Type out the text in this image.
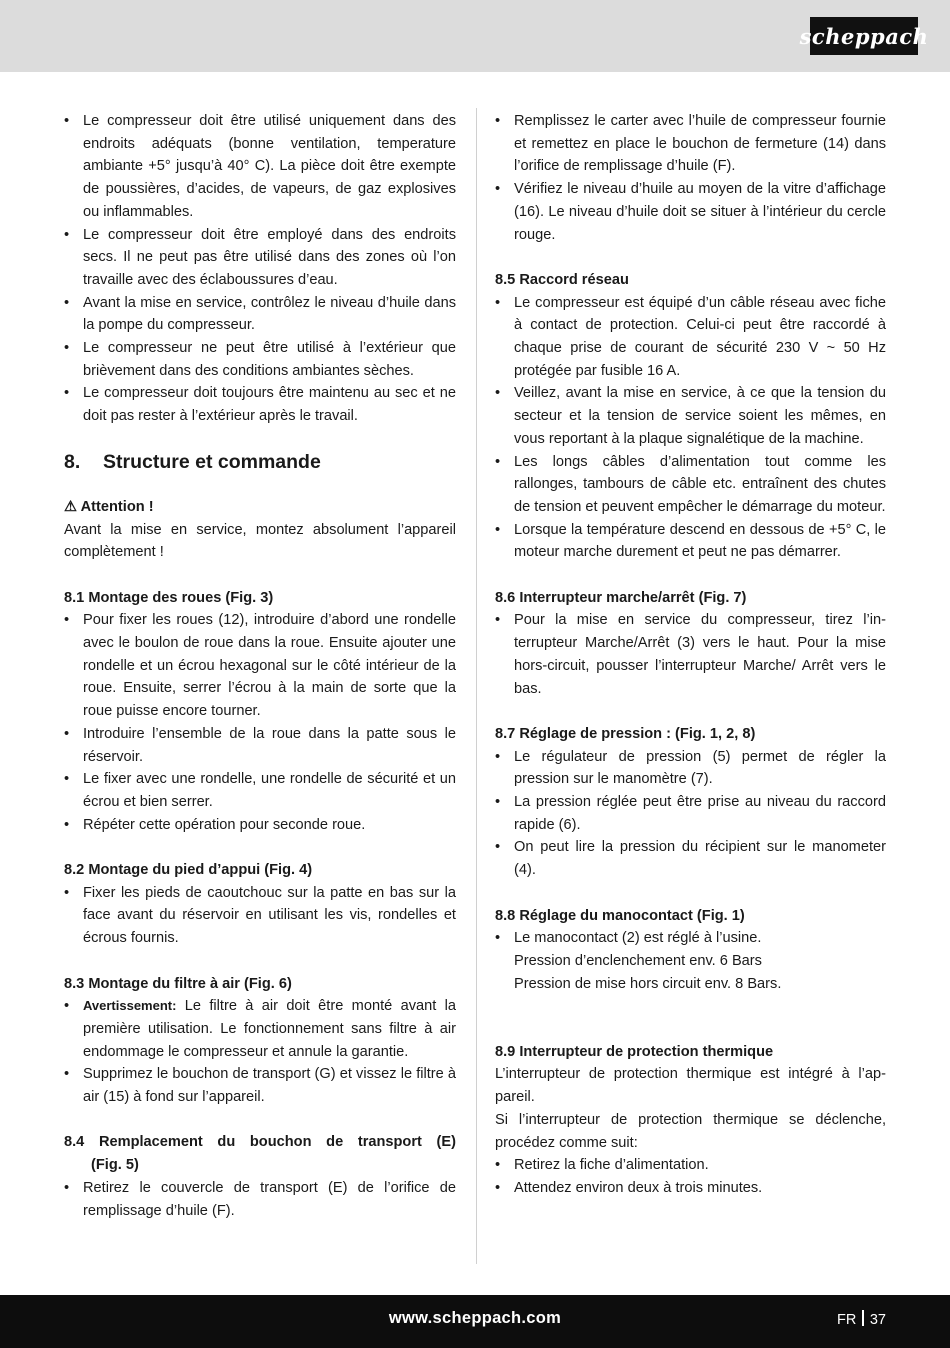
scheppach
• Le compresseur doit être utilisé uniquement dans des endroits adéquats (bonne ventilation, temperature ambiante +5° jusqu’à 40° C). La pièce doit être exempte de poussières, d’acides, de vapeurs, de gaz explosives ou inflammables.
• Le compresseur doit être employé dans des endroits secs. Il ne peut pas être utilisé dans des zones où l’on travaille avec des éclaboussures d’eau.
• Avant la mise en service, contrôlez le niveau d’huile dans la pompe du compresseur.
• Le compresseur ne peut être utilisé à l’extérieur que brièvement dans des conditions ambiantes sèches.
• Le compresseur doit toujours être maintenu au sec et ne doit pas rester à l’extérieur après le travail.
8.	Structure et commande
⚠ Attention !

Avant la mise en service, montez absolument l’appareil complètement !

8.1 Montage des roues (Fig. 3)
• Pour fixer les roues (12), introduire d’abord une rondelle avec le boulon de roue dans la roue. Ensuite ajouter une rondelle et un écrou hexagonal sur le côté intérieur de la roue. Ensuite, serrer l’écrou à la main de sorte que la roue puisse encore tourner.
• Introduire l’ensemble de la roue dans la patte sous le réservoir.
• Le fixer avec une rondelle, une rondelle de sécurité et un écrou et bien serrer.
• Répéter cette opération pour seconde roue.
8.2 Montage du pied d’appui (Fig. 4)
• Fixer les pieds de caoutchouc sur la patte en bas sur la face avant du réservoir en utilisant les vis, rondelles et écrous fournis.
8.3 Montage du filtre à air (Fig. 6)
• Avertissement: Le filtre à air doit être monté avant la première utilisation. Le fonctionnement sans filtre à air endommage le compresseur et annule la garantie.
• Supprimez le bouchon de transport (G) et vissez le filtre à air (15) à fond sur l’appareil.
8.4 Remplacement du bouchon de transport (E)
(Fig. 5)
• Retirez le couvercle de transport (E) de l’orifice de remplissage d’huile (F).
• Remplissez le carter avec l’huile de compresseur fournie et remettez en place le bouchon de fermeture (14) dans l’orifice de remplissage d’huile (F).
• Vérifiez le niveau d’huile au moyen de la vitre d’affichage (16). Le niveau d’huile doit se situer à l’intérieur du cercle rouge.
8.5 Raccord réseau
• Le compresseur est équipé d’un câble réseau avec fiche à contact de protection. Celui-ci peut être raccordé à chaque prise de courant de sécurité 230 V ~ 50 Hz protégée par fusible 16 A.
• Veillez, avant la mise en service, à ce que la tension du secteur et la tension de service soient les mêmes, en vous reportant à la plaque signalétique de la machine.
• Les longs câbles d’alimentation tout comme les rallonges, tambours de câble etc. entraînent des chutes de tension et peuvent empêcher le démarrage du moteur.
• Lorsque la température descend en dessous de +5° C, le moteur marche durement et peut ne pas démarrer.
8.6 Interrupteur marche/arrêt (Fig. 7)
• Pour la mise en service du compresseur, tirez l’interrupteur Marche/Arrêt (3) vers le haut. Pour la mise hors-circuit, pousser l’interrupteur Marche/ Arrêt vers le bas.
8.7 Réglage de pression : (Fig. 1, 2, 8)
• Le régulateur de pression (5) permet de régler la pression sur le manomètre (7).
• La pression réglée peut être prise au niveau du raccord rapide (6).
• On peut lire la pression du récipient sur le manometer (4).
8.8 Réglage du manocontact (Fig. 1)
• Le manocontact (2) est réglé à l’usine.
Pression d’enclenchement env. 6 Bars
Pression de mise hors circuit env. 8 Bars.
8.9 Interrupteur de protection thermique

L’interrupteur de protection thermique est intégré à l’appareil.

Si l’interrupteur de protection thermique se déclenche, procédez comme suit:

• Retirez la fiche d’alimentation.
• Attendez environ deux à trois minutes.
www.scheppach.com	FR 37
